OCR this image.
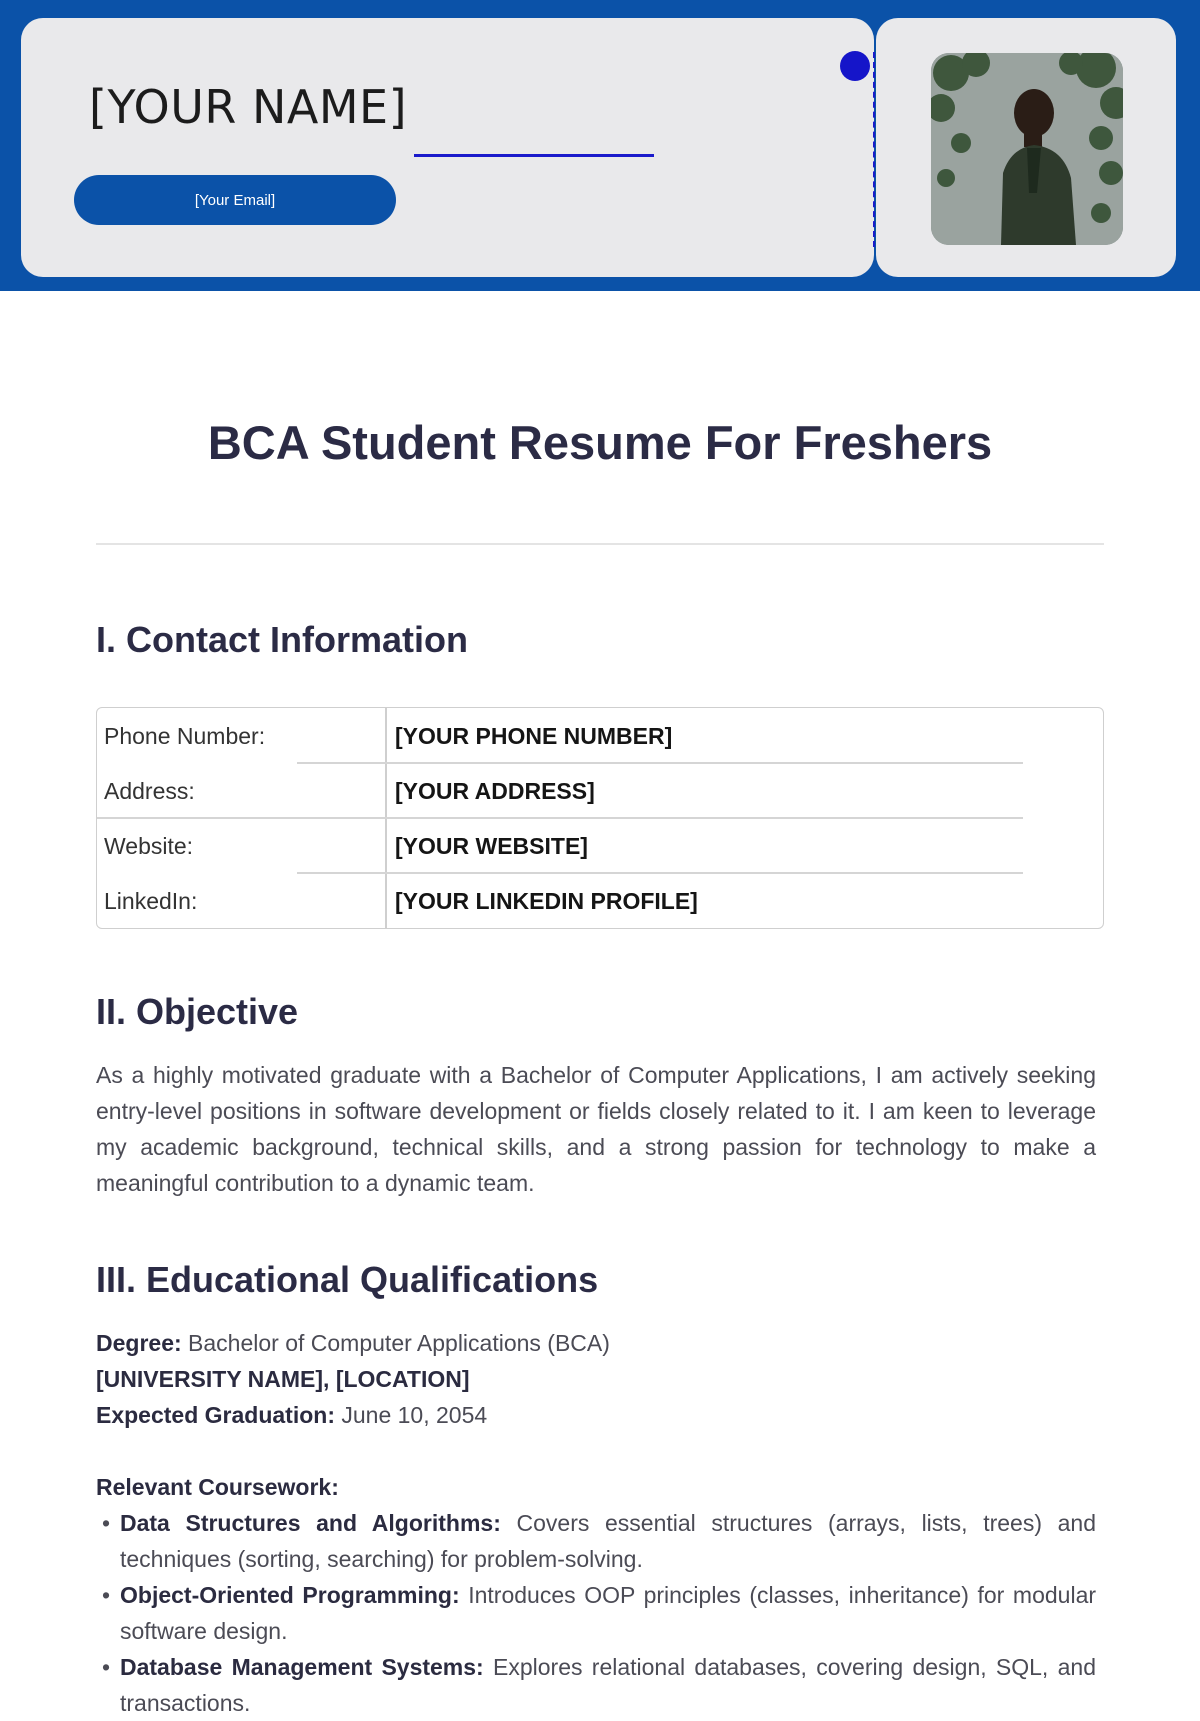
[YOUR NAME]
[Your Email]
BCA Student Resume For Freshers
I. Contact Information
Phone Number:	[YOUR PHONE NUMBER]
Address:	[YOUR ADDRESS]
Website:	[YOUR WEBSITE]
LinkedIn:	[YOUR LINKEDIN PROFILE]
II. Objective
As a highly motivated graduate with a Bachelor of Computer Applications, I am actively seeking entry-level positions in software development or fields closely related to it. I am keen to leverage my academic background, technical skills, and a strong passion for technology to make a meaningful contribution to a dynamic team.
III. Educational Qualifications
Degree: Bachelor of Computer Applications (BCA)
[UNIVERSITY NAME], [LOCATION]
Expected Graduation: June 10, 2054
Relevant Coursework:
• Data Structures and Algorithms: Covers essential structures (arrays, lists, trees) and techniques (sorting, searching) for problem-solving.
• Object-Oriented Programming: Introduces OOP principles (classes, inheritance) for modular software design.
• Database Management Systems: Explores relational databases, covering design, SQL, and transactions.
